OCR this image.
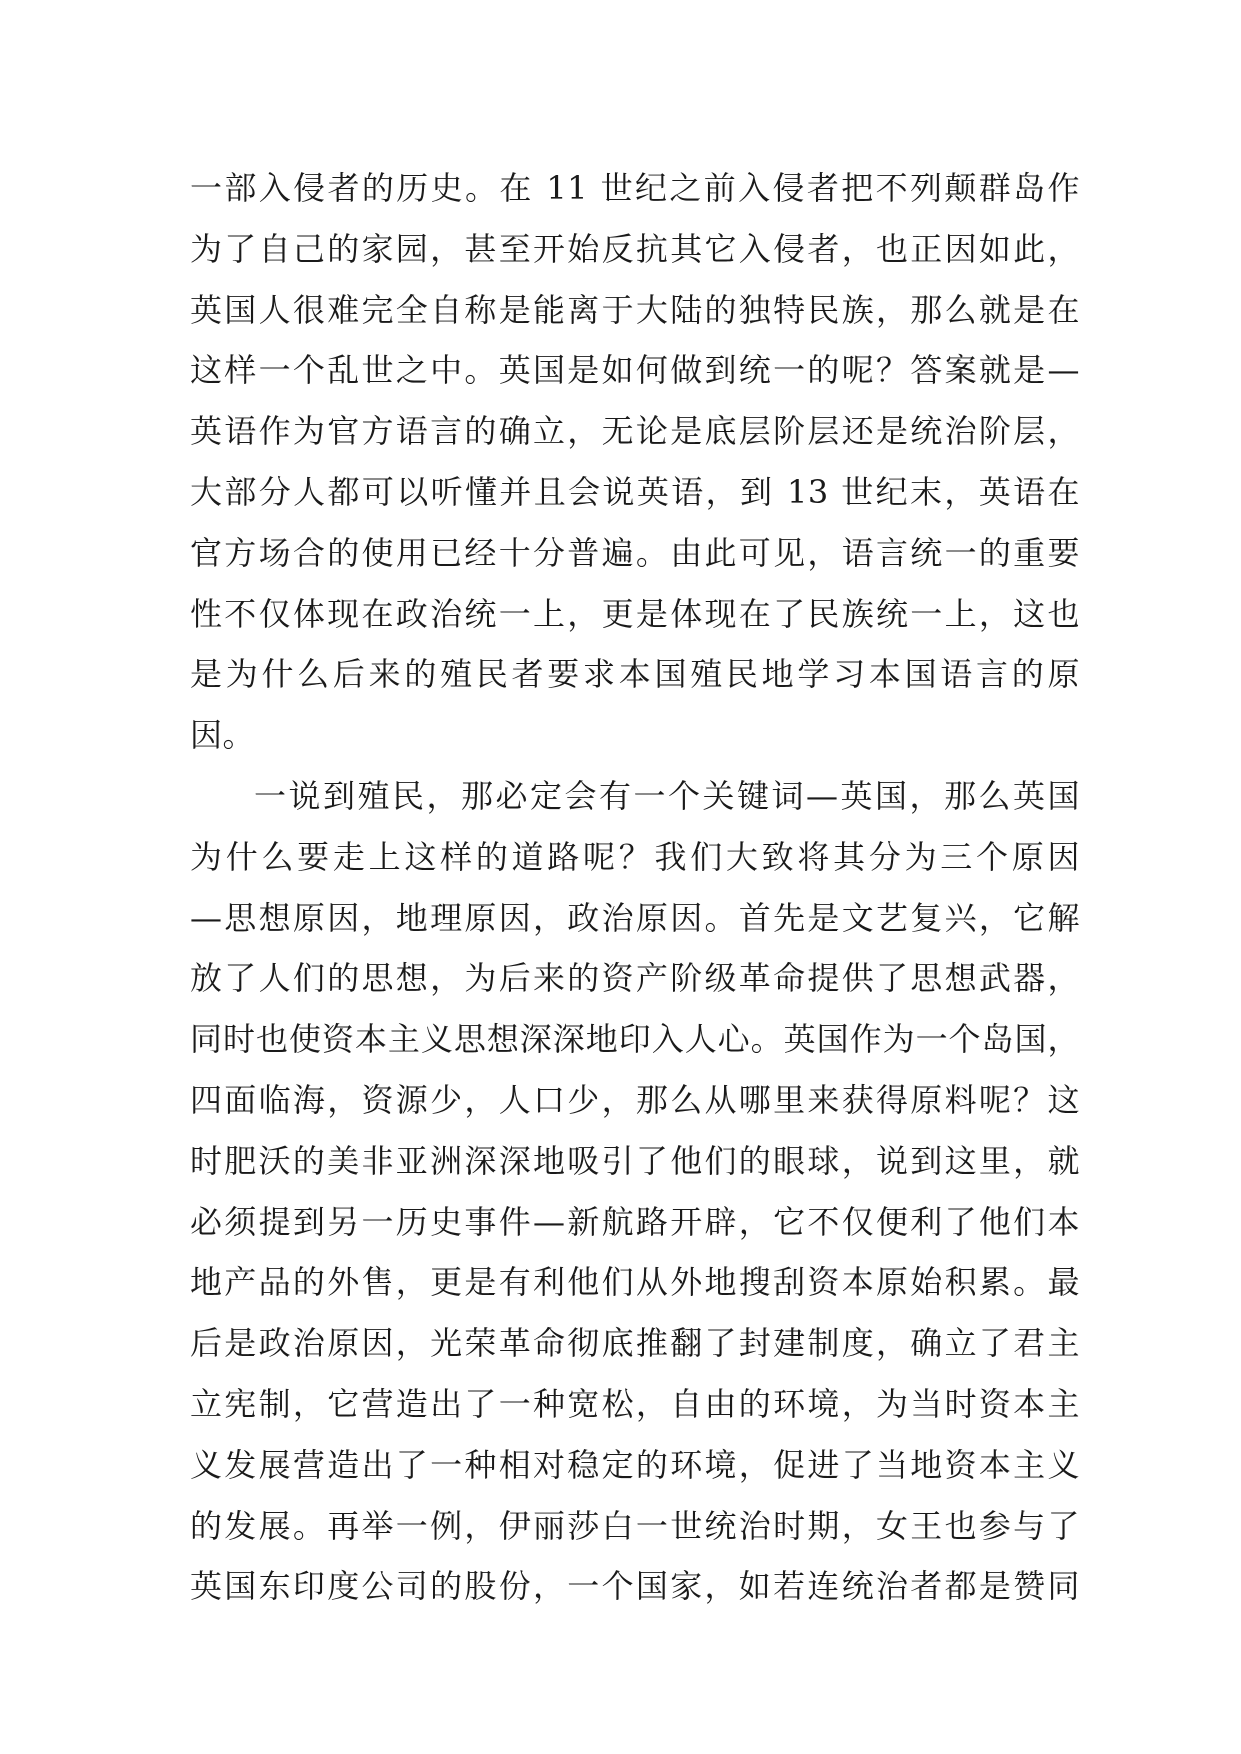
一部入侵者的历史。在 11 世纪之前入侵者把不列颠群岛作
为了自己的家园，甚至开始反抗其它入侵者，也正因如此，
英国人很难完全自称是能离于大陆的独特民族，那么就是在
这样一个乱世之中。英国是如何做到统一的呢？答案就是—
英语作为官方语言的确立，无论是底层阶层还是统治阶层，
大部分人都可以听懂并且会说英语，到 13 世纪末，英语在
官方场合的使用已经十分普遍。由此可见，语言统一的重要
性不仅体现在政治统一上，更是体现在了民族统一上，这也
是为什么后来的殖民者要求本国殖民地学习本国语言的原
因。
一说到殖民，那必定会有一个关键词—英国，那么英国
为什么要走上这样的道路呢？我们大致将其分为三个原因
—思想原因，地理原因，政治原因。首先是文艺复兴，它解
放了人们的思想，为后来的资产阶级革命提供了思想武器，
同时也使资本主义思想深深地印入人心。英国作为一个岛国，
四面临海，资源少，人口少，那么从哪里来获得原料呢？这
时肥沃的美非亚洲深深地吸引了他们的眼球，说到这里，就
必须提到另一历史事件—新航路开辟，它不仅便利了他们本
地产品的外售，更是有利他们从外地搜刮资本原始积累。最
后是政治原因，光荣革命彻底推翻了封建制度，确立了君主
立宪制，它营造出了一种宽松，自由的环境，为当时资本主
义发展营造出了一种相对稳定的环境，促进了当地资本主义
的发展。再举一例，伊丽莎白一世统治时期，女王也参与了
英国东印度公司的股份，一个国家，如若连统治者都是赞同
